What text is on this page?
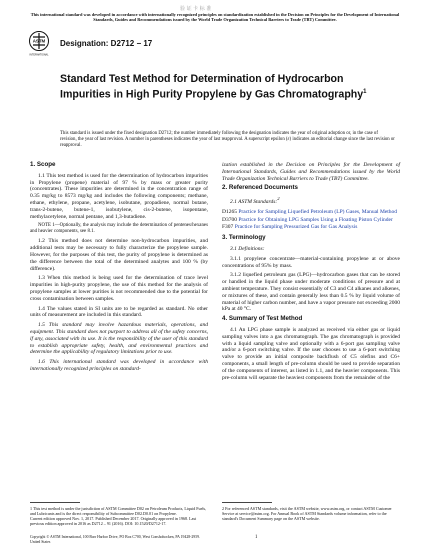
验 证 卡 标 准
This international standard was developed in accordance with internationally recognized principles on standardization established in the Decision on Principles for the Development of International Standards, Guides and Recommendations issued by the World Trade Organization Technical Barriers to Trade (TBT) Committee.
ASTM
INTERNATIONAL
Designation: D2712 − 17
Standard Test Method for Determination of Hydrocarbon Impurities in High Purity Propylene by Gas Chromatography$^1$
This standard is issued under the fixed designation D2712; the number immediately following the designation indicates the year of original adoption or, in the case of revision, the year of last revision. A number in parentheses indicates the year of last reapproval. A superscript epsilon (ε) indicates an editorial change since the last revision or reapproval.
1. Scope

1.1 This test method is used for the determination of hydrocarbon impurities in Propylene (propene) material of 97 % by mass or greater purity (concentrates). These impurities are determined in the concentration range of 0.35 mg/kg to 8573 mg/kg and includes the following components; methane, ethane, ethylene, propane, acetylene, isobutane, propadiene, normal butane, trans-2-butene, butene-1, isobutylene, cis-2-butene, isopentane, methylacetylene, normal pentane, and 1,3-butadiene.

NOTE 1—Optionally, the analysis may include the determination of pentenes/hexanes and heavier components, see 8.1.

1.2 This method does not determine non-hydrocarbon impurities, and additional tests may be necessary to fully characterize the propylene sample. However, for the purposes of this test, the purity of propylene is determined as the difference between the total of the determined analytes and 100 % (by difference).

1.3 When this method is being used for the determination of trace level impurities in high-purity propylene, the use of this method for the analysis of propylene samples at lower purities is not recommended due to the potential for cross contamination between samples.

1.4 The values stated in SI units are to be regarded as standard. No other units of measurement are included in this standard.

1.5 This standard may involve hazardous materials, operations, and equipment. This standard does not purport to address all of the safety concerns, if any, associated with its use. It is the responsibility of the user of this standard to establish appropriate safety, health, and environmental practices and determine the applicability of regulatory limitations prior to use.

1.6 This international standard was developed in accordance with internationally recognized principles on standard-

ization established in the Decision on Principles for the Development of International Standards, Guides and Recommendations issued by the World Trade Organization Technical Barriers to Trade (TBT) Committee.

2. Referenced Documents

2.1 ASTM Standards:$^2$

D1265 Practice for Sampling Liquefied Petroleum (LP) Gases, Manual Method
D3700 Practice for Obtaining LPG Samples Using a Floating Piston Cylinder
F307 Practice for Sampling Pressurized Gas for Gas Analysis
3. Terminology

3.1 Definitions:

3.1.1 propylene concentrate—material-containing propylene at or above concentrations of 95% by mass.

3.1.2 liquefied petroleum gas (LPG)—hydrocarbon gases that can be stored or handled in the liquid phase under moderate conditions of pressure and at ambient temperature. They consist essentially of C3 and C4 alkanes and alkenes, or mixtures of these, and contain generally less than 0.5 % by liquid volume of material of higher carbon number, and have a vapor pressure not exceeding 2000 kPa at 40 °C.

4. Summary of Test Method

4.1 An LPG phase sample is analyzed as received via either gas or liquid sampling valves into a gas chromatograph. The gas chromatograph is provided with a liquid sampling valve and optionally with a 6-port gas sampling valve and/or a 6-port switching valve. If the user chooses to use a 6-port switching valve to provide an initial composite backflush of C5 olefins and C6+ components, a small length of pre-column should be used to provide separation of the components of interest, as listed in 1.1, and the heavier components. This pre-column will separate the heaviest components from the remainder of the

1 This test method is under the jurisdiction of ASTM Committee D02 on Petroleum Products, Liquid Fuels, and Lubricants and is the direct responsibility of Subcommittee D02.D0.01 on Propylene.
Current edition approved Nov. 1, 2017. Published December 2017. Originally approved in 1968. Last previous edition approved in 2016 as D2712 – 91 (2016). DOI: 10.1520/D2712-17.
2 For referenced ASTM standards, visit the ASTM website, www.astm.org, or contact ASTM Customer Service at service@astm.org. For Annual Book of ASTM Standards volume information, refer to the standard's Document Summary page on the ASTM website.
Copyright © ASTM International, 100 Barr Harbor Drive, PO Box C700, West Conshohocken, PA 19428-2959. United States
1
